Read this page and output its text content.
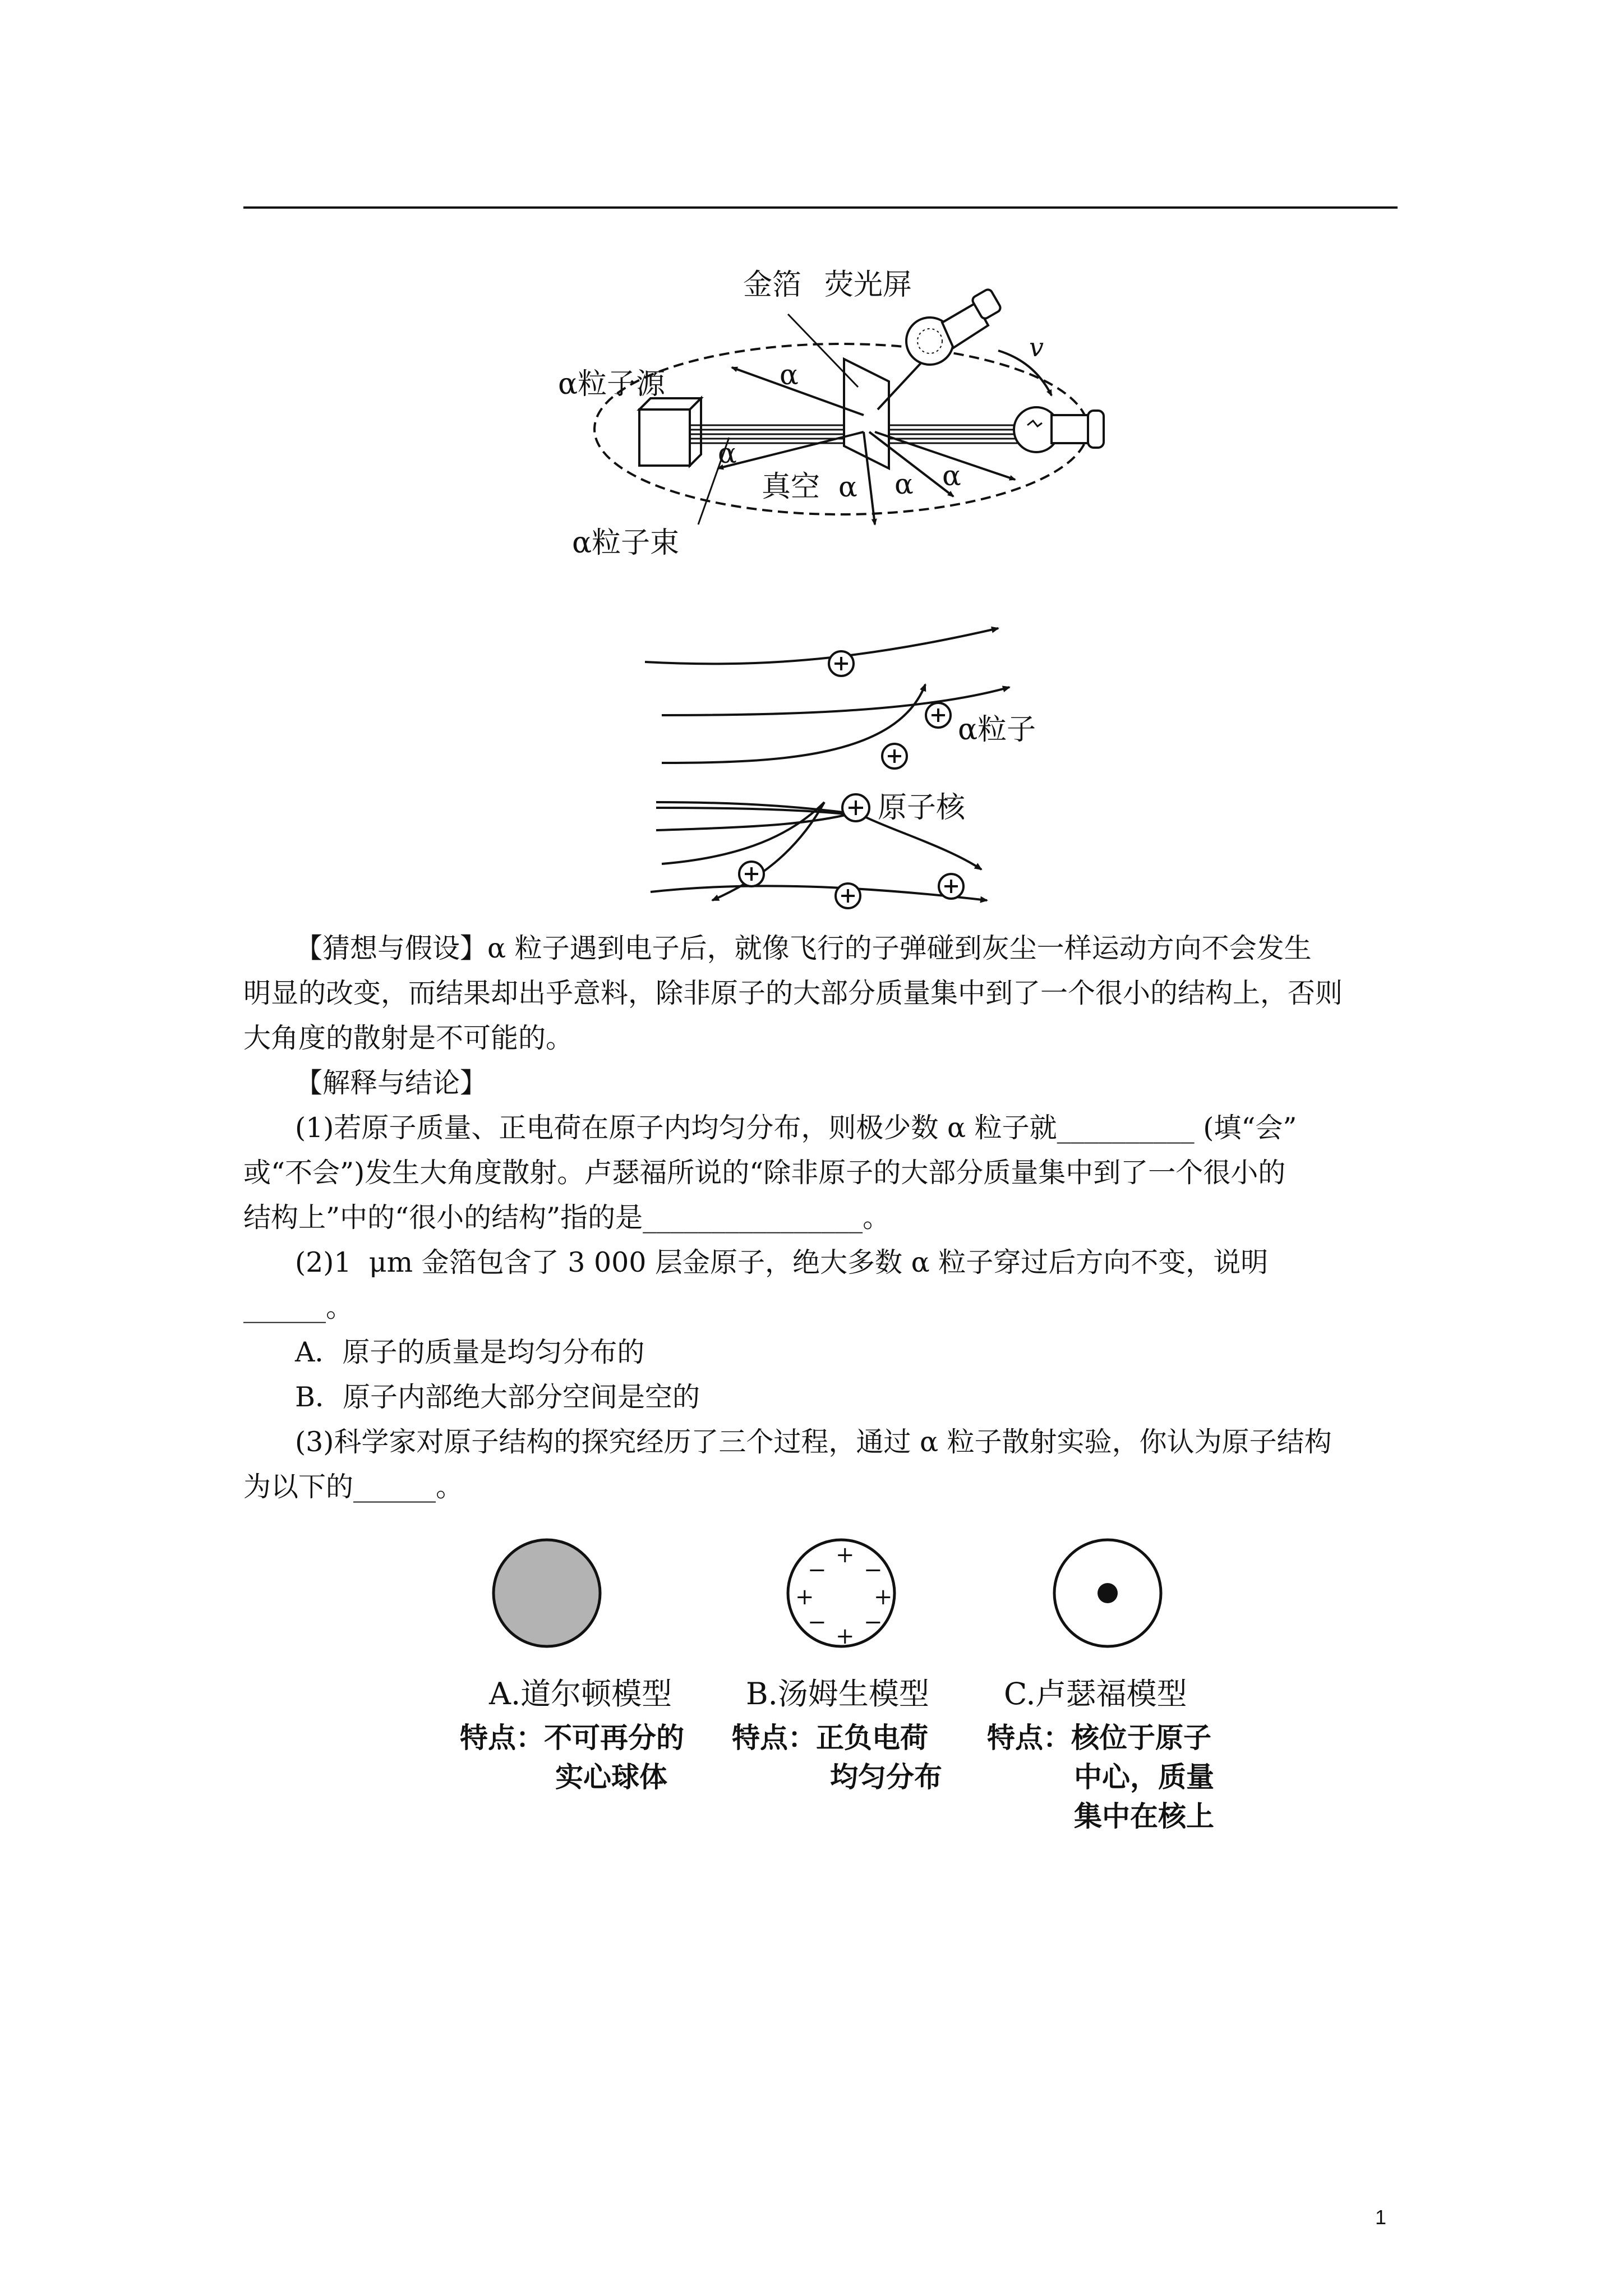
金箔 荧光屏
v
α粒子源	α
α
真空 α α α
α粒子束
α粒子
原子核
【猜想与假设】α 粒子遇到电子后，就像飞行的子弹碰到灰尘一样运动方向不会发生
明显的改变，而结果却出乎意料，除非原子的大部分质量集中到了一个很小的结构上，否则
大角度的散射是不可能的。
【解释与结论】
(1)若原子质量、正电荷在原子内均匀分布，则极少数 α 粒子就__________ (填“会”
或“不会”)发生大角度散射。卢瑟福所说的“除非原子的大部分质量集中到了一个很小的
结构上”中的“很小的结构”指的是________________。
(2)1  μm 金箔包含了 3 000 层金原子，绝大多数 α 粒子穿过后方向不变，说明
______。
A．原子的质量是均匀分布的
B．原子内部绝大部分空间是空的
(3)科学家对原子结构的探究经历了三个过程，通过 α 粒子散射实验，你认为原子结构
为以下的______。
+
+	+
+
− −
− −
A.道尔顿模型 B.汤姆生模型 C.卢瑟福模型
特点：不可再分的
实心球体
特点：正负电荷
均匀分布
特点：核位于原子
中心，质量
集中在核上
1
